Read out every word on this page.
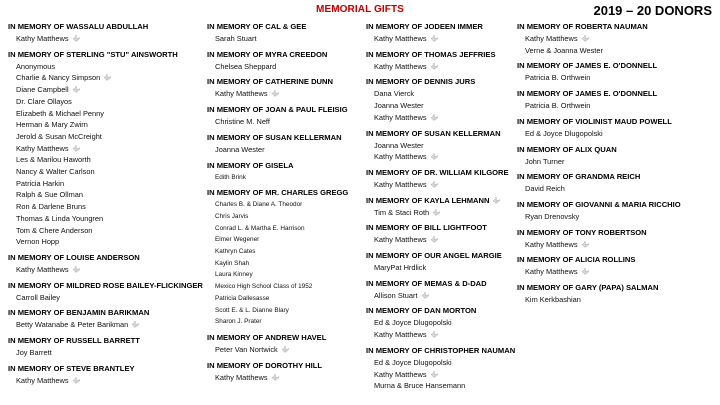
MEMORIAL GIFTS	2019 – 20 DONORS
IN MEMORY OF WASSALU ABDULLAH
Kathy Matthews
IN MEMORY OF STERLING "STU" AINSWORTH
Anonymous
Charlie & Nancy Simpson
Diane Campbell
Dr. Clare Ollayos
Elizabeth & Michael Penny
Herman & Mary Zwirn
Jerold & Susan McCreight
Kathy Matthews
Les & Marilou Haworth
Nancy & Walter Carlson
Patricia Harkin
Ralph & Sue Ollman
Ron & Darlene Bruns
Thomas & Linda Youngren
Tom & Chere Anderson
Vernon Hopp
IN MEMORY OF LOUISE ANDERSON
Kathy Matthews
IN MEMORY OF MILDRED ROSE BAILEY-FLICKINGER
Carroll Bailey
IN MEMORY OF BENJAMIN BARIKMAN
Betty Watanabe & Peter Barikman
IN MEMORY OF RUSSELL BARRETT
Joy Barrett
IN MEMORY OF STEVE BRANTLEY
Kathy Matthews
IN MEMORY OF CAL & GEE
Sarah Stuart
IN MEMORY OF MYRA CREEDON
Chelsea Sheppard
IN MEMORY OF CATHERINE DUNN
Kathy Matthews
IN MEMORY OF JOAN & PAUL FLEISIG
Christine M. Neff
IN MEMORY OF SUSAN KELLERMAN
Joanna Wester
IN MEMORY OF GISELA
Edith Brink
IN MEMORY OF MR. CHARLES GREGG
Charles B. & Diane A. Theodor
Chris Jarvis
Conrad L. & Martha E. Harrison
Elmer Wegener
Kathryn Cates
Kaylin Shah
Laura Kinney
Mexico High School Class of 1952
Patricia Dallesasse
Scott E. & L. Dianne Blary
Sharon J. Prater
IN MEMORY OF ANDREW HAVEL
Peter Van Nortwick
IN MEMORY OF DOROTHY HILL
Kathy Matthews
IN MEMORY OF JODEEN IMMER
Kathy Matthews
IN MEMORY OF THOMAS JEFFRIES
Kathy Matthews
IN MEMORY OF DENNIS JURS
Dana Vierck
Joanna Wester
Kathy Matthews
IN MEMORY OF SUSAN KELLERMAN
Joanna Wester
Kathy Matthews
IN MEMORY OF DR. WILLIAM KILGORE
Kathy Matthews
IN MEMORY OF KAYLA LEHMANN
Tim & Staci Roth
IN MEMORY OF BILL LIGHTFOOT
Kathy Matthews
IN MEMORY OF OUR ANGEL MARGIE
MaryPat Hrdlick
IN MEMORY OF MEMAS & D-DAD
Allison Stuart
IN MEMORY OF DAN MORTON
Ed & Joyce Dlugopolski
Kathy Matthews
IN MEMORY OF CHRISTOPHER NAUMAN
Ed & Joyce Dlugopolski
Kathy Matthews
Murna & Bruce Hansemann
IN MEMORY OF ROBERTA NAUMAN
Kathy Matthews
Verne & Joanna Wester
IN MEMORY OF JAMES E. O'DONNELL
Patricia B. Orthwein
IN MEMORY OF JAMES E. O'DONNELL
Patricia B. Orthwein
IN MEMORY OF VIOLINIST MAUD POWELL
Ed & Joyce Dlugopolski
IN MEMORY OF ALIX QUAN
John Turner
IN MEMORY OF GRANDMA REICH
David Reich
IN MEMORY OF GIOVANNI & MARIA RICCHIO
Ryan Drenovsky
IN MEMORY OF TONY ROBERTSON
Kathy Matthews
IN MEMORY OF ALICIA ROLLINS
Kathy Matthews
IN MEMORY OF GARY (PAPA) SALMAN
Kim Kerkbashian
